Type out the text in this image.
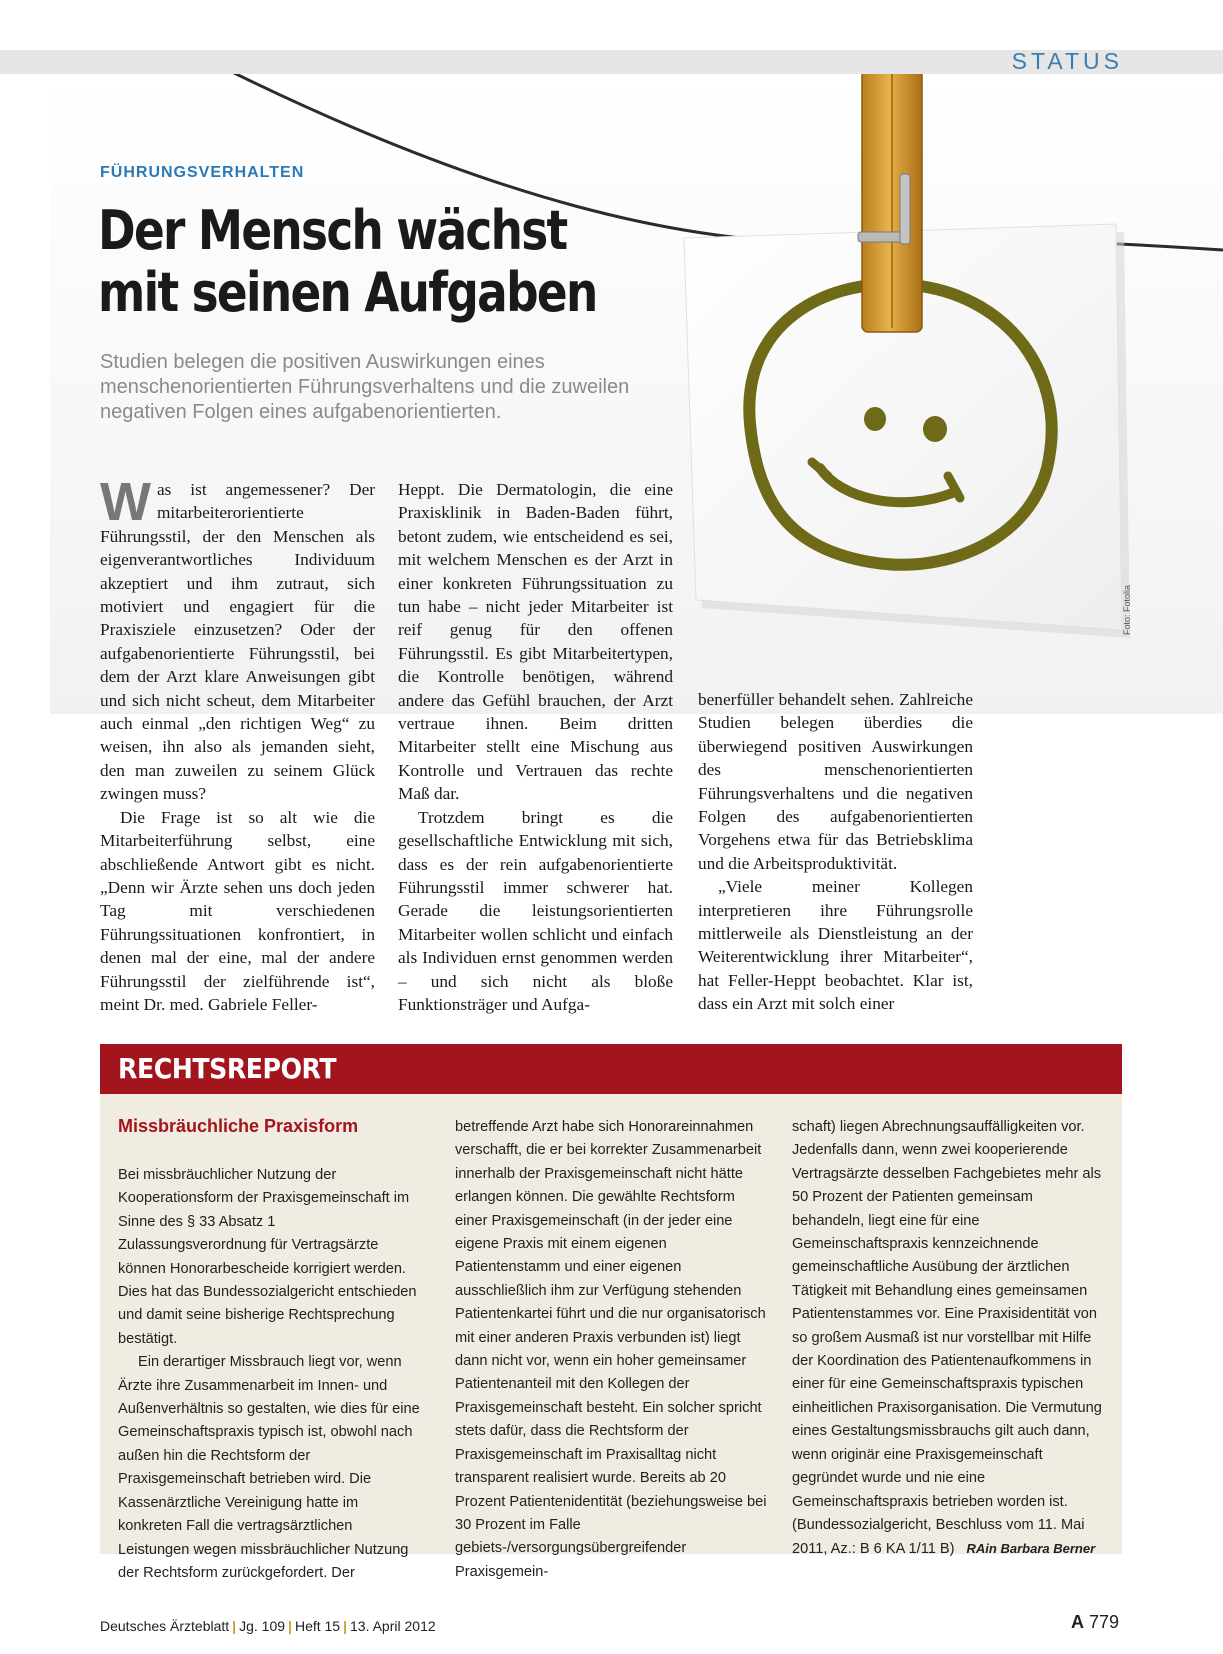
STATUS
Foto: Fotolia
FÜHRUNGSVERHALTEN
Der Mensch wächst
mit seinen Aufgaben
Studien belegen die positiven Auswirkungen eines menschenorientierten Führungsverhaltens und die zuweilen negativen Folgen eines aufgabenorientierten.

Was ist angemessener? Der mitarbeiterorientierte Führungsstil, der den Menschen als eigenverantwortliches Individuum akzeptiert und ihm zutraut, sich motiviert und engagiert für die Praxisziele einzusetzen? Oder der aufgabenorientierte Führungsstil, bei dem der Arzt klare Anweisungen gibt und sich nicht scheut, dem Mitarbeiter auch einmal „den richtigen Weg“ zu weisen, ihn also als jemanden sieht, den man zuweilen zu seinem Glück zwingen muss?

Die Frage ist so alt wie die Mitarbeiterführung selbst, eine abschließende Antwort gibt es nicht. „Denn wir Ärzte sehen uns doch jeden Tag mit verschiedenen Führungssituationen konfrontiert, in denen mal der eine, mal der andere Führungsstil der zielführende ist“, meint Dr. med. Gabriele Feller-

Heppt. Die Dermatologin, die eine Praxisklinik in Baden-Baden führt, betont zudem, wie entscheidend es sei, mit welchem Menschen es der Arzt in einer konkreten Führungssituation zu tun habe – nicht jeder Mitarbeiter ist reif genug für den offenen Führungsstil. Es gibt Mitarbeitertypen, die Kontrolle benötigen, während andere das Gefühl brauchen, der Arzt vertraue ihnen. Beim dritten Mitarbeiter stellt eine Mischung aus Kontrolle und Vertrauen das rechte Maß dar.

Trotzdem bringt es die gesellschaftliche Entwicklung mit sich, dass es der rein aufgabenorientierte Führungsstil immer schwerer hat. Gerade die leistungsorientierten Mitarbeiter wollen schlicht und einfach als Individuen ernst genommen werden – und sich nicht als bloße Funktionsträger und Aufga-

benerfüller behandelt sehen. Zahlreiche Studien belegen überdies die überwiegend positiven Auswirkungen des menschenorientierten Führungsverhaltens und die negativen Folgen des aufgabenorientierten Vorgehens etwa für das Betriebsklima und die Arbeitsproduktivität.

„Viele meiner Kollegen interpretieren ihre Führungsrolle mittlerweile als Dienstleistung an der Weiterentwicklung ihrer Mitarbeiter“, hat Feller-Heppt beobachtet. Klar ist, dass ein Arzt mit solch einer

RECHTSREPORT
Missbräuchliche Praxisform

Bei missbräuchlicher Nutzung der Kooperationsform der Praxisgemeinschaft im Sinne des § 33 Absatz 1 Zulassungsverordnung für Vertragsärzte können Honorarbescheide korrigiert werden. Dies hat das Bundessozialgericht entschieden und damit seine bisherige Rechtsprechung bestätigt.

Ein derartiger Missbrauch liegt vor, wenn Ärzte ihre Zusammenarbeit im Innen- und Außenverhältnis so gestalten, wie dies für eine Gemeinschaftspraxis typisch ist, obwohl nach außen hin die Rechtsform der Praxisgemeinschaft betrieben wird. Die Kassenärztliche Vereinigung hatte im konkreten Fall die vertragsärztlichen Leistungen wegen missbräuchlicher Nutzung der Rechtsform zurückgefordert. Der

betreffende Arzt habe sich Honorareinnahmen verschafft, die er bei korrekter Zusammenarbeit innerhalb der Praxisgemeinschaft nicht hätte erlangen können. Die gewählte Rechtsform einer Praxisgemeinschaft (in der jeder eine eigene Praxis mit einem eigenen Patientenstamm und einer eigenen ausschließlich ihm zur Verfügung stehenden Patientenkartei führt und die nur organisatorisch mit einer anderen Praxis verbunden ist) liegt dann nicht vor, wenn ein hoher gemeinsamer Patientenanteil mit den Kollegen der Praxisgemeinschaft besteht. Ein solcher spricht stets dafür, dass die Rechtsform der Praxisgemeinschaft im Praxisalltag nicht transparent realisiert wurde. Bereits ab 20 Prozent Patientenidentität (beziehungsweise bei 30 Prozent im Falle gebiets-/versorgungsübergreifender Praxisgemein-

schaft) liegen Abrechnungsauffälligkeiten vor. Jedenfalls dann, wenn zwei kooperierende Vertragsärzte desselben Fachgebietes mehr als 50 Prozent der Patienten gemeinsam behandeln, liegt eine für eine Gemeinschaftspraxis kennzeichnende gemeinschaftliche Ausübung der ärztlichen Tätigkeit mit Behandlung eines gemeinsamen Patientenstammes vor. Eine Praxisidentität von so großem Ausmaß ist nur vorstellbar mit Hilfe der Koordination des Patientenaufkommens in einer für eine Gemeinschaftspraxis typischen einheitlichen Praxisorganisation. Die Vermutung eines Gestaltungsmissbrauchs gilt auch dann, wenn originär eine Praxisgemeinschaft gegründet wurde und nie eine Gemeinschaftspraxis betrieben worden ist. (Bundessozialgericht, Beschluss vom 11. Mai 2011, Az.: B 6 KA 1/11 B) RAin Barbara Berner

Deutsches Ärzteblatt | Jg. 109 | Heft 15 | 13. April 2012	A 779
